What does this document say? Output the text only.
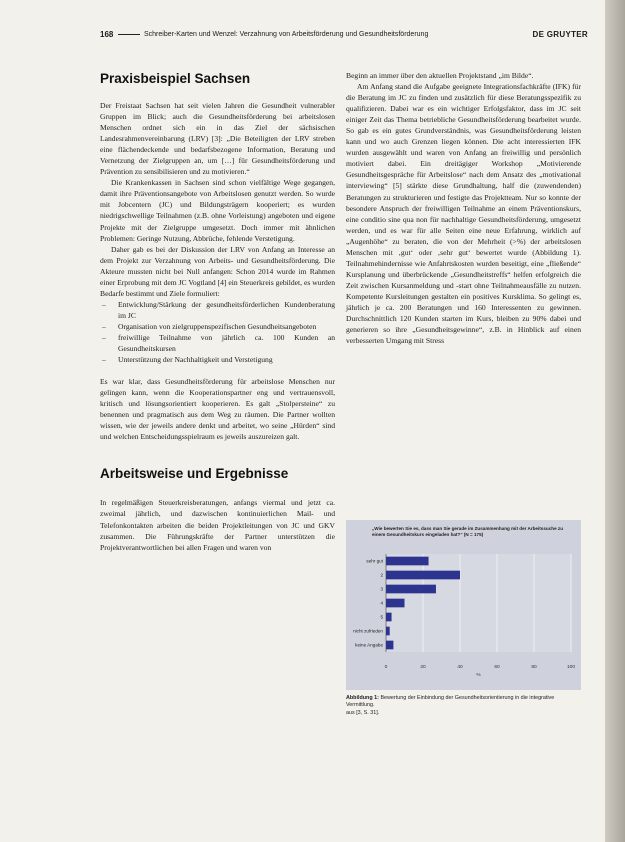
168	Schreiber-Karten und Wenzel: Verzahnung von Arbeitsförderung und Gesundheitsförderung	DE GRUYTER
Praxisbeispiel Sachsen

Der Freistaat Sachsen hat seit vielen Jahren die Gesundheit vulnerabler Gruppen im Blick; auch die Gesundheitsförderung bei arbeitslosen Menschen ordnet sich ein in das Ziel der sächsischen Landesrahmenvereinbarung (LRV) [3]: „Die Beteiligten der LRV streben eine flächendeckende und bedarfsbezogene Information, Beratung und Vernetzung der Zielgruppen an, um […] für Gesundheitsförderung und Prävention zu sensibilisieren und zu motivieren.“

Die Krankenkassen in Sachsen sind schon vielfältige Wege gegangen, damit ihre Präventionsangebote von Arbeitslosen genutzt werden. So wurde mit Jobcentern (JC) und Bildungsträgern kooperiert; es wurden niedrigschwellige Teilnahmen (z.B. ohne Vorleistung) angeboten und eigene Projekte mit der Zielgruppe umgesetzt. Doch immer mit ähnlichen Problemen: Geringe Nutzung, Abbrüche, fehlende Verstetigung.

Daher gab es bei der Diskussion der LRV von Anfang an Interesse an dem Projekt zur Verzahnung von Arbeits- und Gesundheitsförderung. Die Akteure mussten nicht bei Null anfangen: Schon 2014 wurde im Rahmen einer Erprobung mit dem JC Vogtland [4] ein Steuerkreis gebildet, es wurden Bedarfe bestimmt und Ziele formuliert:

– Entwicklung/Stärkung der gesundheitsförderlichen Kundenberatung im JC
– Organisation von zielgruppenspezifischen Gesundheitsangeboten
– freiwillige Teilnahme von jährlich ca. 100 Kunden an Gesundheitskursen
– Unterstützung der Nachhaltigkeit und Verstetigung

Es war klar, dass Gesundheitsförderung für arbeitslose Menschen nur gelingen kann, wenn die Kooperationspartner eng und vertrauensvoll, kritisch und lösungsorientiert kooperieren. Es galt „Stolpersteine“ zu benennen und pragmatisch aus dem Weg zu räumen. Die Partner wollten wissen, wie der jeweils andere denkt und arbeitet, wo seine „Hürden“ sind und welchen Entscheidungsspielraum es jeweils auszureizen galt.

Arbeitsweise und Ergebnisse

In regelmäßigen Steuerkreisberatungen, anfangs viermal und jetzt ca. zweimal jährlich, und dazwischen kontinuierlichen Mail- und Telefonkontakten arbeiten die beiden Projektleitungen von JC und GKV zusammen. Die Führungskräfte der Partner unterstützen die Projektverantwortlichen bei allen Fragen und waren von

Beginn an immer über den aktuellen Projektstand „im Bilde“.

Am Anfang stand die Aufgabe geeignete Integrationsfachkräfte (IFK) für die Beratung im JC zu finden und zusätzlich für diese Beratungsspezifik zu qualifizieren. Dabei war es ein wichtiger Erfolgsfaktor, dass im JC seit einiger Zeit das Thema betriebliche Gesundheitsförderung bearbeitet wurde. So gab es ein gutes Grundverständnis, was Gesundheitsförderung leisten kann und wo auch Grenzen liegen können. Die acht interessierten IFK wurden ausgewählt und waren von Anfang an freiwillig und persönlich motiviert dabei. Ein dreitägiger Workshop „Motivierende Gesundheitsgespräche für Arbeitslose“ nach dem Ansatz des „motivational interviewing“ [5] stärkte diese Grundhaltung, half die (zuwendenden) Beratungen zu strukturieren und festigte das Projektteam. Nur so konnte der besondere Anspruch der freiwilligen Teilnahme an einem Präventionskurs, eine conditio sine qua non für nachhaltige Gesundheitsförderung, umgesetzt werden, und es war für alle Seiten eine neue Erfahrung, wirklich auf „Augenhöhe“ zu beraten, die von der Mehrheit (>%) der arbeitslosen Menschen mit ‚gut‘ oder ‚sehr gut‘ bewertet wurde (Abbildung 1). Teilnahmehindernisse wie Anfahrtskosten wurden beseitigt, eine „fließende“ Kursplanung und überbrückende „Gesundheitstreffs“ helfen erfolgreich die Zeit zwischen Kursanmeldung und -start ohne Teilnahmeausfälle zu nutzen. Kompetente Kursleitungen gestalten ein positives Kursklima. So gelingt es, jährlich je ca. 200 Beratungen und 160 Interessenten zu gewinnen. Durchschnittlich 120 Kunden starten im Kurs, bleiben zu 90% dabei und generieren so ihre „Gesundheitsgewinne“, z.B. in Hinblick auf einen verbesserten Umgang mit Stress

0	20	40	60	80	100
%
sehr gut
2
3
4
5
nicht zufrieden
keine Angabe
„Wie bewerten Sie es, dass man Sie gerade im Zusammenhang mit der Arbeitssuche zu einem Gesundheitskurs eingeladen hat?“ (N = 175)
Abbildung 1: Bewertung der Einbindung der Gesundheitsorientierung in die integrative Vermittlung.
aus [3, S. 31].
